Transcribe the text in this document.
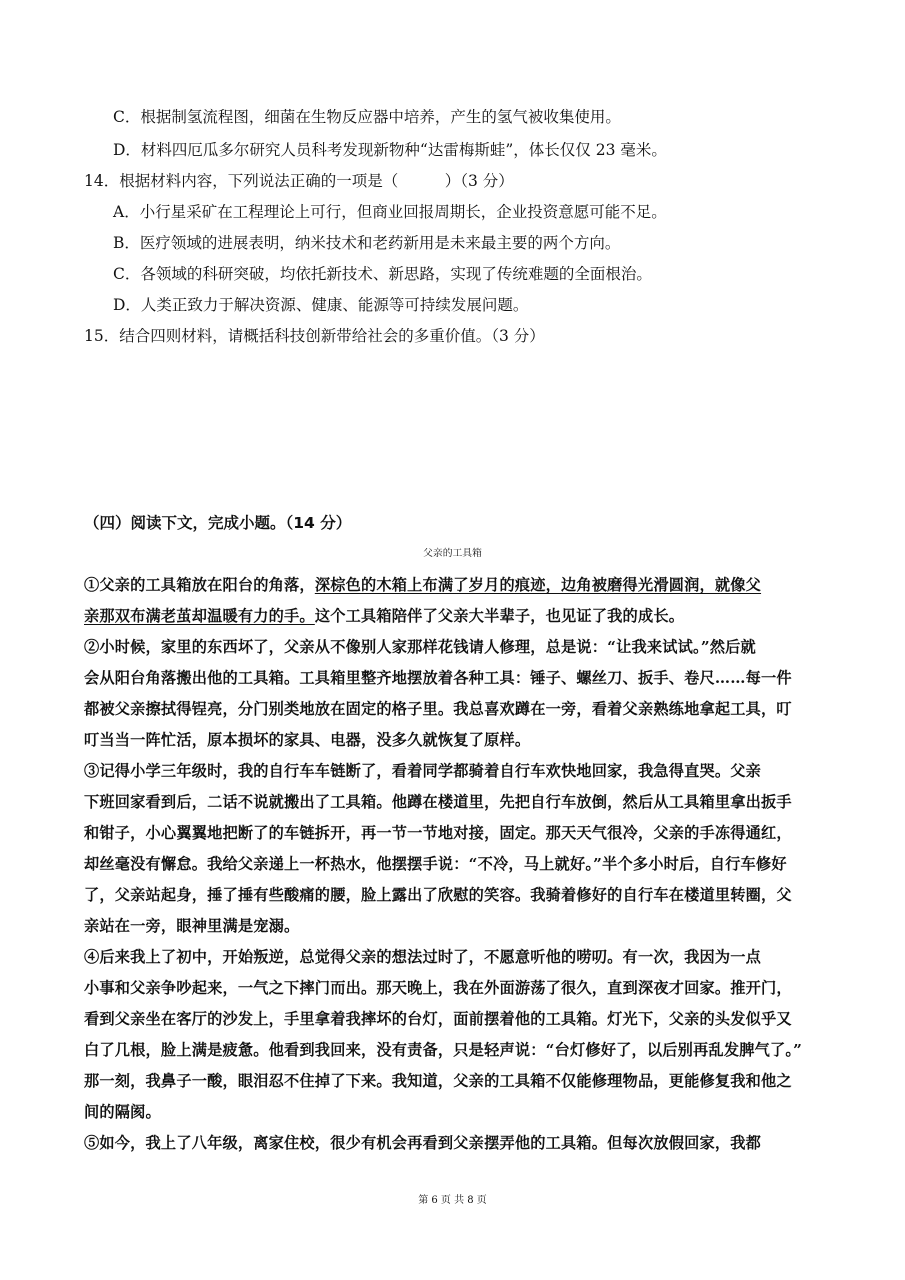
C．根据制氢流程图，细菌在生物反应器中培养，产生的氢气被收集使用。
D．材料四厄瓜多尔研究人员科考发现新物种“达雷梅斯蛙”，体长仅仅 23 毫米。
14．根据材料内容，下列说法正确的一项是（　　　）（3 分）
A．小行星采矿在工程理论上可行，但商业回报周期长，企业投资意愿可能不足。
B．医疗领域的进展表明，纳米技术和老药新用是未来最主要的两个方向。
C．各领域的科研突破，均依托新技术、新思路，实现了传统难题的全面根治。
D．人类正致力于解决资源、健康、能源等可持续发展问题。
15．结合四则材料，请概括科技创新带给社会的多重价值。（3 分）
（四）阅读下文，完成小题。（14 分）
父亲的工具箱
①父亲的工具箱放在阳台的角落，深棕色的木箱上布满了岁月的痕迹，边角被磨得光滑圆润，就像父
亲那双布满老茧却温暖有力的手。这个工具箱陪伴了父亲大半辈子，也见证了我的成长。
②小时候，家里的东西坏了，父亲从不像别人家那样花钱请人修理，总是说：“让我来试试。”然后就
会从阳台角落搬出他的工具箱。工具箱里整齐地摆放着各种工具：锤子、螺丝刀、扳手、卷尺……每一件
都被父亲擦拭得锃亮，分门别类地放在固定的格子里。我总喜欢蹲在一旁，看着父亲熟练地拿起工具，叮
叮当当一阵忙活，原本损坏的家具、电器，没多久就恢复了原样。
③记得小学三年级时，我的自行车车链断了，看着同学都骑着自行车欢快地回家，我急得直哭。父亲
下班回家看到后，二话不说就搬出了工具箱。他蹲在楼道里，先把自行车放倒，然后从工具箱里拿出扳手
和钳子，小心翼翼地把断了的车链拆开，再一节一节地对接，固定。那天天气很冷，父亲的手冻得通红，
却丝毫没有懈怠。我给父亲递上一杯热水，他摆摆手说：“不冷，马上就好。”半个多小时后，自行车修好
了，父亲站起身，捶了捶有些酸痛的腰，脸上露出了欣慰的笑容。我骑着修好的自行车在楼道里转圈，父
亲站在一旁，眼神里满是宠溺。
④后来我上了初中，开始叛逆，总觉得父亲的想法过时了，不愿意听他的唠叨。有一次，我因为一点
小事和父亲争吵起来，一气之下摔门而出。那天晚上，我在外面游荡了很久，直到深夜才回家。推开门，
看到父亲坐在客厅的沙发上，手里拿着我摔坏的台灯，面前摆着他的工具箱。灯光下，父亲的头发似乎又
白了几根，脸上满是疲惫。他看到我回来，没有责备，只是轻声说：“台灯修好了，以后别再乱发脾气了。”
那一刻，我鼻子一酸，眼泪忍不住掉了下来。我知道，父亲的工具箱不仅能修理物品，更能修复我和他之
间的隔阂。
⑤如今，我上了八年级，离家住校，很少有机会再看到父亲摆弄他的工具箱。但每次放假回家，我都
第 6 页 共 8 页
